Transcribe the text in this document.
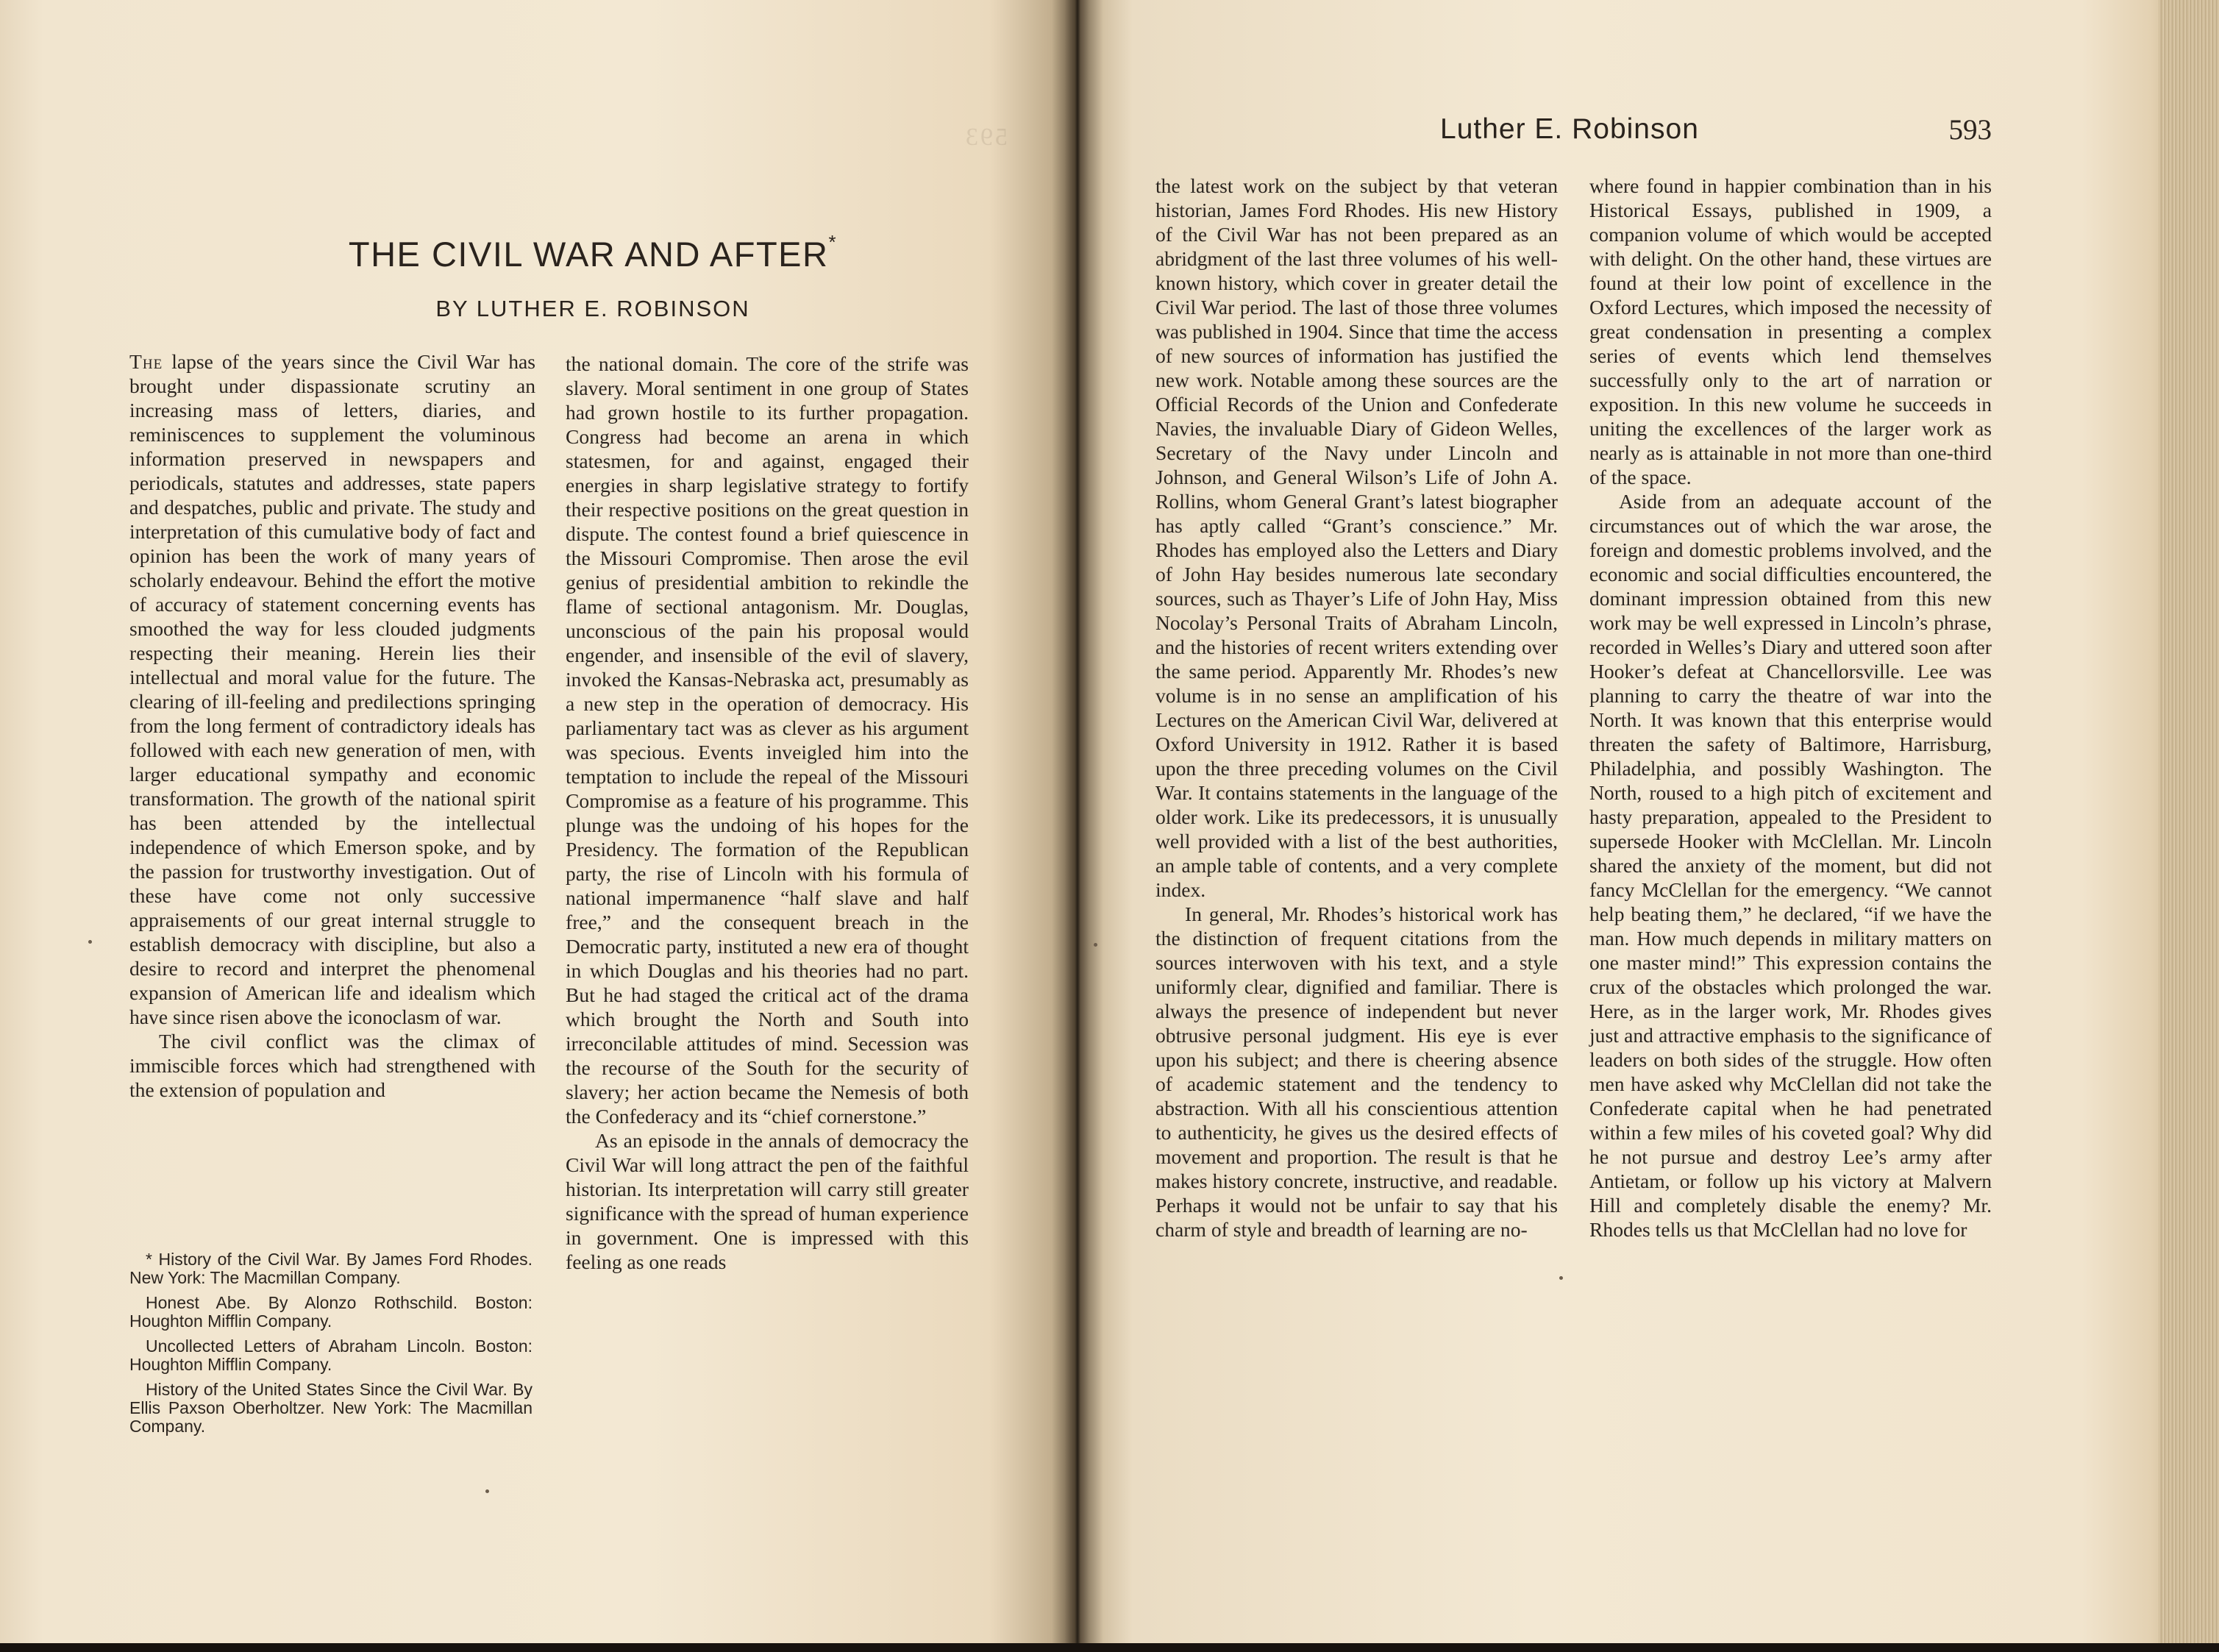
593
THE CIVIL WAR AND AFTER*
BY LUTHER E. ROBINSON

The lapse of the years since the Civil War has brought under dispassionate scrutiny an increasing mass of letters, diaries, and reminiscences to supplement the voluminous information preserved in newspapers and periodicals, statutes and addresses, state papers and despatches, public and private. The study and interpretation of this cumulative body of fact and opinion has been the work of many years of scholarly endeavour. Behind the effort the motive of accuracy of statement concerning events has smoothed the way for less clouded judgments respecting their meaning. Herein lies their intellectual and moral value for the future. The clearing of ill-feeling and predilections springing from the long ferment of contradictory ideals has followed with each new generation of men, with larger educational sympathy and economic transformation. The growth of the national spirit has been attended by the intellectual independence of which Emerson spoke, and by the passion for trustworthy investigation. Out of these have come not only successive appraisements of our great internal struggle to establish democracy with discipline, but also a desire to record and interpret the phenomenal expansion of American life and idealism which have since risen above the iconoclasm of war.

The civil conflict was the climax of immiscible forces which had strengthened with the extension of population and

* History of the Civil War. By James Ford Rhodes. New York: The Macmillan Company.

Honest Abe. By Alonzo Rothschild. Boston: Houghton Mifflin Company.

Uncollected Letters of Abraham Lincoln. Boston: Houghton Mifflin Company.

History of the United States Since the Civil War. By Ellis Paxson Oberholtzer. New York: The Macmillan Company.

the national domain. The core of the strife was slavery. Moral sentiment in one group of States had grown hostile to its further propagation. Congress had become an arena in which statesmen, for and against, engaged their energies in sharp legislative strategy to fortify their respective positions on the great question in dispute. The contest found a brief quiescence in the Missouri Compromise. Then arose the evil genius of presidential ambition to rekindle the flame of sectional antagonism. Mr. Douglas, unconscious of the pain his proposal would engender, and insensible of the evil of slavery, invoked the Kansas-Nebraska act, presumably as a new step in the operation of democracy. His parliamentary tact was as clever as his argument was specious. Events inveigled him into the temptation to include the repeal of the Missouri Compromise as a feature of his programme. This plunge was the undoing of his hopes for the Presidency. The formation of the Republican party, the rise of Lincoln with his formula of national impermanence “half slave and half free,” and the consequent breach in the Democratic party, instituted a new era of thought in which Douglas and his theories had no part. But he had staged the critical act of the drama which brought the North and South into irreconcilable attitudes of mind. Secession was the recourse of the South for the security of slavery; her action became the Nemesis of both the Confederacy and its “chief cornerstone.”

As an episode in the annals of democracy the Civil War will long attract the pen of the faithful historian. Its interpretation will carry still greater significance with the spread of human experience in government. One is impressed with this feeling as one reads

Luther E. Robinson	593

the latest work on the subject by that veteran historian, James Ford Rhodes. His new History of the Civil War has not been prepared as an abridgment of the last three volumes of his well-known history, which cover in greater detail the Civil War period. The last of those three volumes was published in 1904. Since that time the access of new sources of information has justified the new work. Notable among these sources are the Official Records of the Union and Confederate Navies, the invaluable Diary of Gideon Welles, Secretary of the Navy under Lincoln and Johnson, and General Wilson’s Life of John A. Rollins, whom General Grant’s latest biographer has aptly called “Grant’s conscience.” Mr. Rhodes has employed also the Letters and Diary of John Hay besides numerous late secondary sources, such as Thayer’s Life of John Hay, Miss Nocolay’s Personal Traits of Abraham Lincoln, and the histories of recent writers extending over the same period. Apparently Mr. Rhodes’s new volume is in no sense an amplification of his Lectures on the American Civil War, delivered at Oxford University in 1912. Rather it is based upon the three preceding volumes on the Civil War. It contains statements in the language of the older work. Like its predecessors, it is unusually well provided with a list of the best authorities, an ample table of contents, and a very complete index.

In general, Mr. Rhodes’s historical work has the distinction of frequent citations from the sources interwoven with his text, and a style uniformly clear, dignified and familiar. There is always the presence of independent but never obtrusive personal judgment. His eye is ever upon his subject; and there is cheering absence of academic statement and the tendency to abstraction. With all his conscientious attention to authenticity, he gives us the desired effects of movement and proportion. The result is that he makes history concrete, instructive, and readable. Perhaps it would not be unfair to say that his charm of style and breadth of learning are no-

where found in happier combination than in his Historical Essays, published in 1909, a companion volume of which would be accepted with delight. On the other hand, these virtues are found at their low point of excellence in the Oxford Lectures, which imposed the necessity of great condensation in presenting a complex series of events which lend themselves successfully only to the art of narration or exposition. In this new volume he succeeds in uniting the excellences of the larger work as nearly as is attainable in not more than one-third of the space.

Aside from an adequate account of the circumstances out of which the war arose, the foreign and domestic problems involved, and the economic and social difficulties encountered, the dominant impression obtained from this new work may be well expressed in Lincoln’s phrase, recorded in Welles’s Diary and uttered soon after Hooker’s defeat at Chancellorsville. Lee was planning to carry the theatre of war into the North. It was known that this enterprise would threaten the safety of Baltimore, Harrisburg, Philadelphia, and possibly Washington. The North, roused to a high pitch of excitement and hasty preparation, appealed to the President to supersede Hooker with McClellan. Mr. Lincoln shared the anxiety of the moment, but did not fancy McClellan for the emergency. “We cannot help beating them,” he declared, “if we have the man. How much depends in military matters on one master mind!” This expression contains the crux of the obstacles which prolonged the war. Here, as in the larger work, Mr. Rhodes gives just and attractive emphasis to the significance of leaders on both sides of the struggle. How often men have asked why McClellan did not take the Confederate capital when he had penetrated within a few miles of his coveted goal? Why did he not pursue and destroy Lee’s army after Antietam, or follow up his victory at Malvern Hill and completely disable the enemy? Mr. Rhodes tells us that McClellan had no love for
